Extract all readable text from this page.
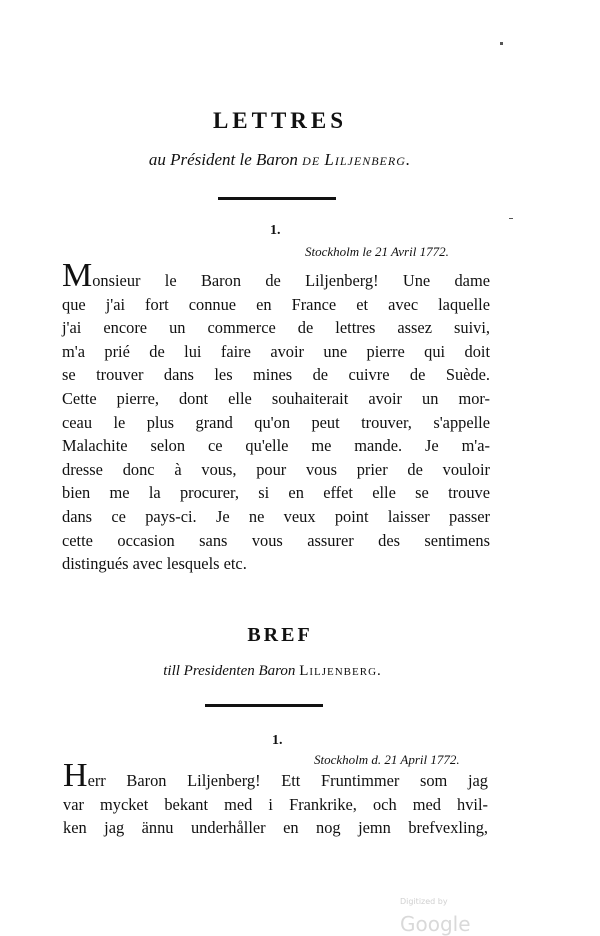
LETTRES
au Président le Baron de Liljenberg.
1.
Stockholm le 21 Avril 1772.
Monsieur le Baron de Liljenberg! Une dame
que j'ai fort connue en France et avec laquelle
j'ai encore un commerce de lettres assez suivi,
m'a prié de lui faire avoir une pierre qui doit
se trouver dans les mines de cuivre de Suède.
Cette pierre, dont elle souhaiterait avoir un mor-
ceau le plus grand qu'on peut trouver, s'appelle
Malachite selon ce qu'elle me mande. Je m'a-
dresse donc à vous, pour vous prier de vouloir
bien me la procurer, si en effet elle se trouve
dans ce pays-ci. Je ne veux point laisser passer
cette occasion sans vous assurer des sentimens
distingués avec lesquels etc.
BREF
till Presidenten Baron Liljenberg.
1.
Stockholm d. 21 April 1772.
Herr Baron Liljenberg! Ett Fruntimmer som jag
var mycket bekant med i Frankrike, och med hvil-
ken jag ännu underhåller en nog jemn brefvexling,
Digitized by Google
